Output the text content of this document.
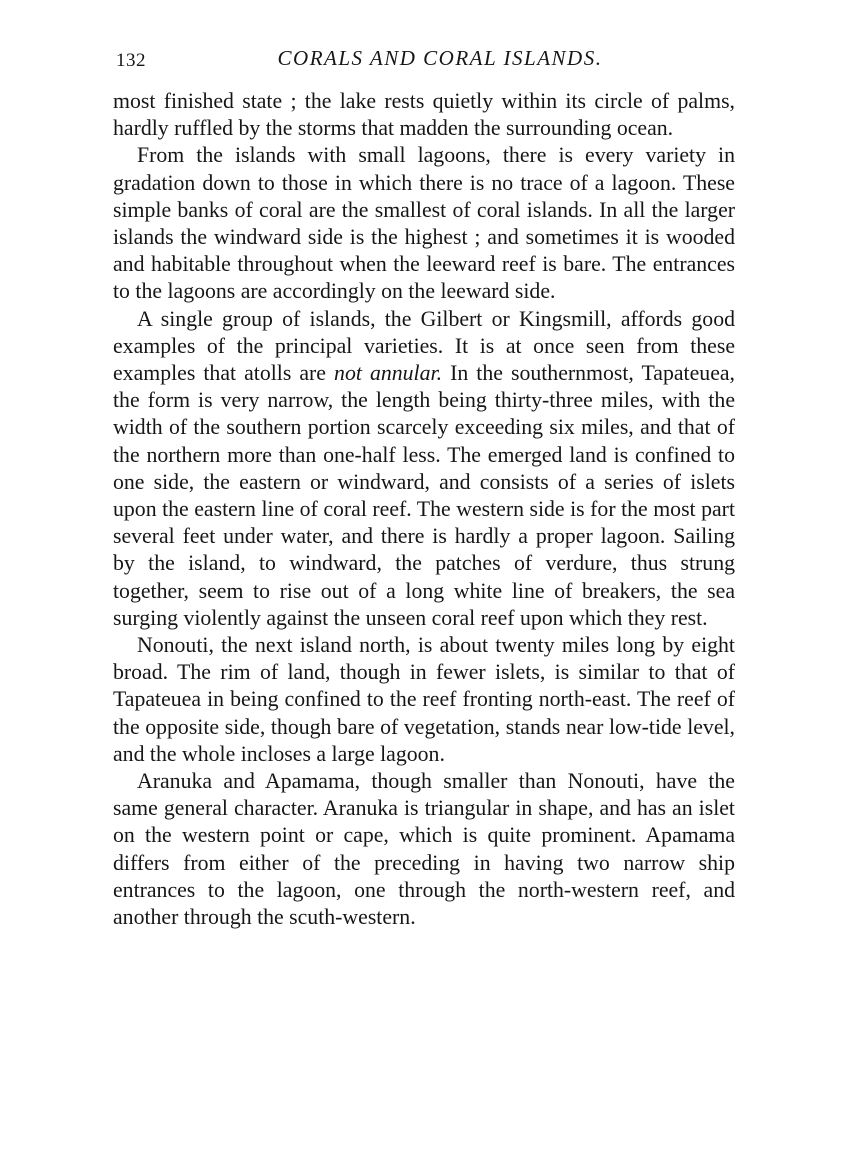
132	CORALS AND CORAL ISLANDS.

most finished state ; the lake rests quietly within its circle of palms, hardly ruffled by the storms that madden the surrounding ocean.

From the islands with small lagoons, there is every variety in gradation down to those in which there is no trace of a lagoon. These simple banks of coral are the smallest of coral islands. In all the larger islands the windward side is the highest ; and sometimes it is wooded and habitable throughout when the leeward reef is bare. The entrances to the lagoons are accordingly on the leeward side.

A single group of islands, the Gilbert or Kingsmill, affords good examples of the principal varieties. It is at once seen from these examples that atolls are not annular. In the southernmost, Tapateuea, the form is very narrow, the length being thirty-three miles, with the width of the southern portion scarcely exceeding six miles, and that of the northern more than one-half less. The emerged land is confined to one side, the eastern or windward, and consists of a series of islets upon the eastern line of coral reef. The western side is for the most part several feet under water, and there is hardly a proper lagoon. Sailing by the island, to windward, the patches of verdure, thus strung together, seem to rise out of a long white line of breakers, the sea surging violently against the unseen coral reef upon which they rest.

Nonouti, the next island north, is about twenty miles long by eight broad. The rim of land, though in fewer islets, is similar to that of Tapateuea in being confined to the reef fronting north-east. The reef of the opposite side, though bare of vegetation, stands near low-tide level, and the whole incloses a large lagoon.

Aranuka and Apamama, though smaller than Nonouti, have the same general character. Aranuka is triangular in shape, and has an islet on the western point or cape, which is quite prominent. Apamama differs from either of the preceding in having two narrow ship entrances to the lagoon, one through the north-western reef, and another through the scuth-western.
